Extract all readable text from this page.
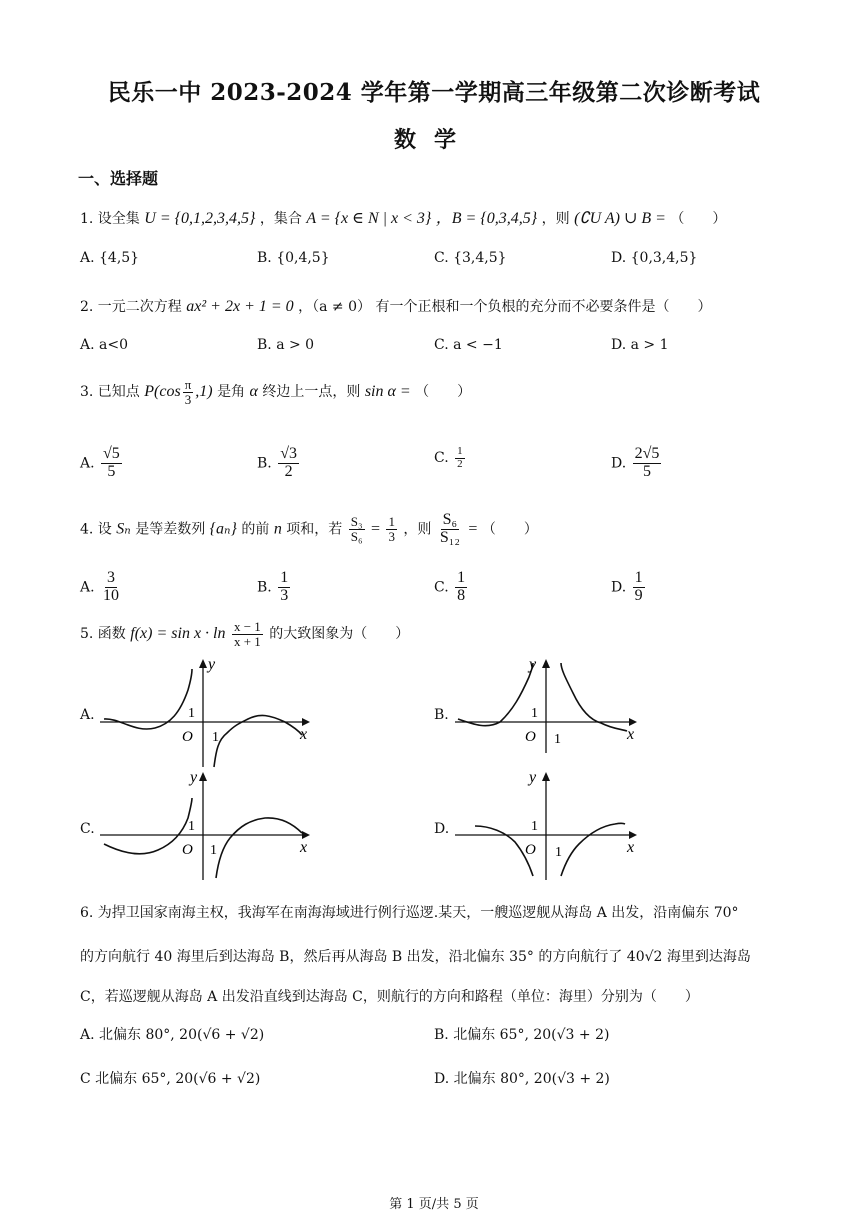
民乐一中 2023-2024 学年第一学期高三年级第二次诊断考试
数学
一、选择题
1. 设全集 U = {0,1,2,3,4,5} ，集合 A = {x ∈ N | x < 3} ，B = {0,3,4,5} ，则 (∁U A) ∪ B = （　　）
A. {4,5}	B. {0,4,5}	C. {3,4,5}	D. {0,3,4,5}
2. 一元二次方程 ax² + 2x + 1 = 0 ，（a ≠ 0） 有一个正根和一个负根的充分而不必要条件是（　　）
A. a<0	B. a > 0	C. a < −1	D. a > 1
3. 已知点 $P(\cos \frac{\pi}{3} ,1)$ 是角 α 终边上一点，则 sin α = （　　）
A. $\frac{√5}{5}$	B. $\frac{√3}{2}$	C. $\frac{1}{2}$	D. $\frac{2√5}{5}$
4. 设 Sₙ 是等差数列 {aₙ} 的前 n 项和，若 $\frac{\text{S₃}}{\text{S₆}} = \frac{1}{3}$ ，则 $\frac{\text{S₆}}{\text{S₁₂}}$ = （　　）
A. $\frac{3}{10}$	B. $\frac{1}{3}$	C. $\frac{1}{8}$	D. $\frac{1}{9}$
5. 函数 $f(x) = \sin x \cdot \ln \frac{x - 1}{x + 1}$ 的大致图象为（　　）
A.
y
x
O
1
1
B.
y
x
O
1
1
C.
y
x
O
1
1
D.
y
x
O
1
1
6. 为捍卫国家南海主权，我海军在南海海域进行例行巡逻.某天，一艘巡逻舰从海岛 A 出发，沿南偏东 70°
的方向航行 40 海里后到达海岛 B，然后再从海岛 B 出发，沿北偏东 35° 的方向航行了 40√2 海里到达海岛
C，若巡逻舰从海岛 A 出发沿直线到达海岛 C，则航行的方向和路程（单位：海里）分别为（　　）
A. 北偏东 80°, 20(√6 + √2)	B. 北偏东 65°, 20(√3 + 2)
C 北偏东 65°, 20(√6 + √2)	D. 北偏东 80°, 20(√3 + 2)
第 1 页/共 5 页
